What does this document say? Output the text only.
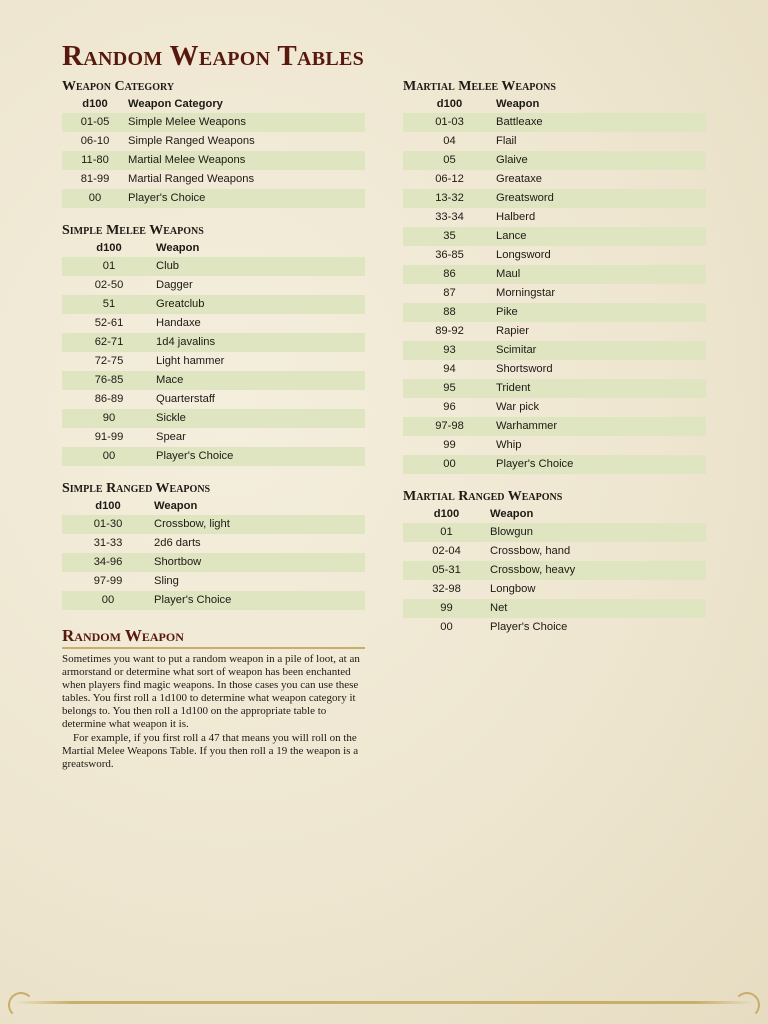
Random Weapon Tables
Weapon Category
d100	Weapon Category
01-05	Simple Melee Weapons
06-10	Simple Ranged Weapons
11-80	Martial Melee Weapons
81-99	Martial Ranged Weapons
00	Player's Choice
Simple Melee Weapons
d100	Weapon
01	Club
02-50	Dagger
51	Greatclub
52-61	Handaxe
62-71	1d4 javalins
72-75	Light hammer
76-85	Mace
86-89	Quarterstaff
90	Sickle
91-99	Spear
00	Player's Choice
Simple Ranged Weapons
d100	Weapon
01-30	Crossbow, light
31-33	2d6 darts
34-96	Shortbow
97-99	Sling
00	Player's Choice
Random Weapon

Sometimes you want to put a random weapon in a pile of loot, at an armorstand or determine what sort of weapon has been enchanted when players find magic weapons. In those cases you can use these tables. You first roll a 1d100 to determine what weapon category it belongs to. You then roll a 1d100 on the appropriate table to determine what weapon it is.

For example, if you first roll a 47 that means you will roll on the Martial Melee Weapons Table. If you then roll a 19 the weapon is a greatsword.

Martial Melee Weapons
d100	Weapon
01-03	Battleaxe
04	Flail
05	Glaive
06-12	Greataxe
13-32	Greatsword
33-34	Halberd
35	Lance
36-85	Longsword
86	Maul
87	Morningstar
88	Pike
89-92	Rapier
93	Scimitar
94	Shortsword
95	Trident
96	War pick
97-98	Warhammer
99	Whip
00	Player's Choice
Martial Ranged Weapons
d100	Weapon
01	Blowgun
02-04	Crossbow, hand
05-31	Crossbow, heavy
32-98	Longbow
99	Net
00	Player's Choice
